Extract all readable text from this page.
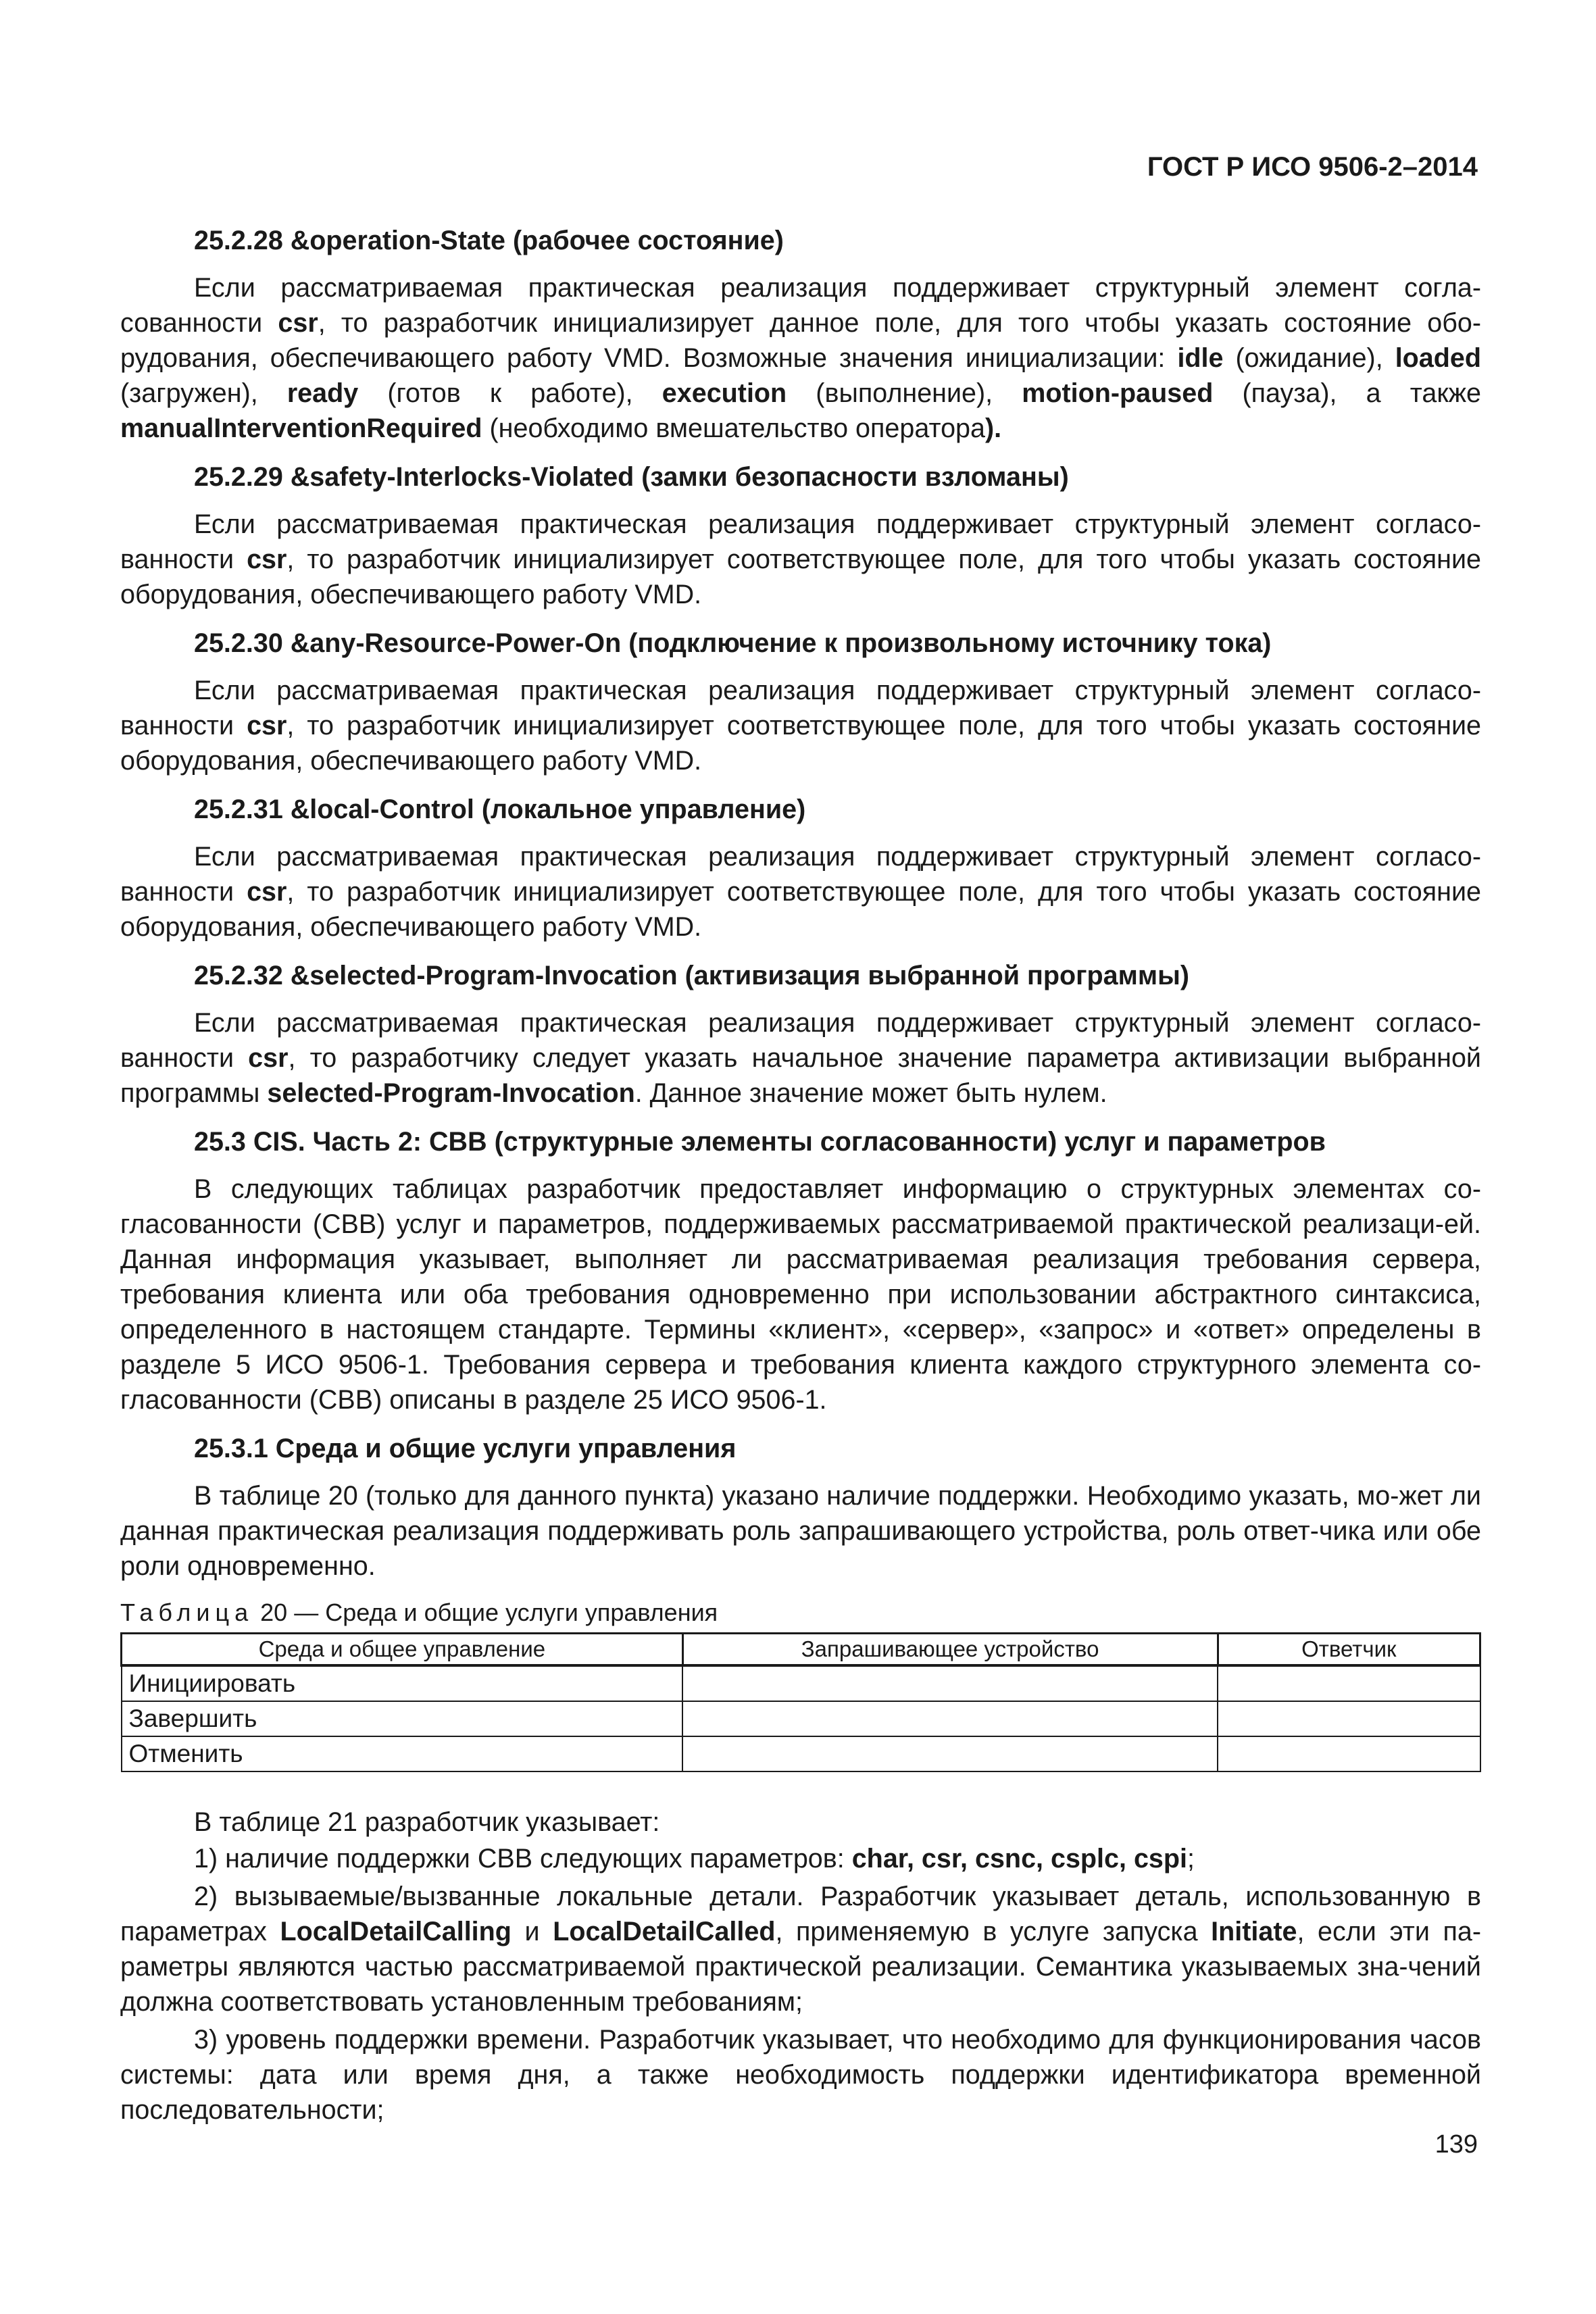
ГОСТ Р ИСО 9506-2–2014
25.2.28 &operation-State (рабочее состояние)

Если рассматриваемая практическая реализация поддерживает структурный элемент согла-сованности csr, то разработчик инициализирует данное поле, для того чтобы указать состояние обо-рудования, обеспечивающего работу VMD. Возможные значения инициализации: idle (ожидание), loaded (загружен), ready (готов к работе), execution (выполнение), motion-paused (пауза), а также manualInterventionRequired (необходимо вмешательство оператора).

25.2.29 &safety-Interlocks-Violated (замки безопасности взломаны)

Если рассматриваемая практическая реализация поддерживает структурный элемент согласо-ванности csr, то разработчик инициализирует соответствующее поле, для того чтобы указать состояние оборудования, обеспечивающего работу VMD.

25.2.30 &any-Resource-Power-On (подключение к произвольному источнику тока)

Если рассматриваемая практическая реализация поддерживает структурный элемент согласо-ванности csr, то разработчик инициализирует соответствующее поле, для того чтобы указать состояние оборудования, обеспечивающего работу VMD.

25.2.31 &local-Control (локальное управление)

Если рассматриваемая практическая реализация поддерживает структурный элемент согласо-ванности csr, то разработчик инициализирует соответствующее поле, для того чтобы указать состояние оборудования, обеспечивающего работу VMD.

25.2.32 &selected-Program-Invocation (активизация выбранной программы)

Если рассматриваемая практическая реализация поддерживает структурный элемент согласо-ванности csr, то разработчику следует указать начальное значение параметра активизации выбранной программы selected-Program-Invocation. Данное значение может быть нулем.

25.3 CIS. Часть 2: CBB (структурные элементы согласованности) услуг и параметров

В следующих таблицах разработчик предоставляет информацию о структурных элементах со-гласованности (CBB) услуг и параметров, поддерживаемых рассматриваемой практической реализаци-ей. Данная информация указывает, выполняет ли рассматриваемая реализация требования сервера, требования клиента или оба требования одновременно при использовании абстрактного синтаксиса, определенного в настоящем стандарте. Термины «клиент», «сервер», «запрос» и «ответ» определены в разделе 5 ИСО 9506-1. Требования сервера и требования клиента каждого структурного элемента со-гласованности (CBB) описаны в разделе 25 ИСО 9506-1.

25.3.1 Среда и общие услуги управления

В таблице 20 (только для данного пункта) указано наличие поддержки. Необходимо указать, мо-жет ли данная практическая реализация поддерживать роль запрашивающего устройства, роль ответ-чика или обе роли одновременно.

Таблица 20 — Среда и общие услуги управления
Среда и общее управление	Запрашивающее устройство	Ответчик
Инициировать		
Завершить		
Отменить		

В таблице 21 разработчик указывает:

1) наличие поддержки CBB следующих параметров: char, csr, csnc, csplc, cspi;

2) вызываемые/вызванные локальные детали. Разработчик указывает деталь, использованную в параметрах LocalDetailCalling и LocalDetailCalled, применяемую в услуге запуска Initiate, если эти па-раметры являются частью рассматриваемой практической реализации. Семантика указываемых зна-чений должна соответствовать установленным требованиям;

3) уровень поддержки времени. Разработчик указывает, что необходимо для функционирования часов системы: дата или время дня, а также необходимость поддержки идентификатора временной последовательности;

139
